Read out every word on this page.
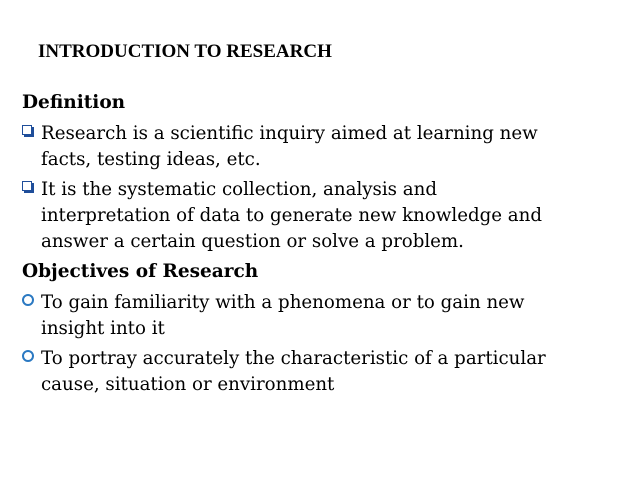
INTRODUCTION TO RESEARCH
Definition
Research is a scientific inquiry aimed at learning new
facts, testing ideas, etc.
It is the systematic collection, analysis and
interpretation of data to generate new knowledge and
answer a certain question or solve a problem.
Objectives of Research
To gain familiarity with a phenomena or to gain new
insight into it
To portray accurately the characteristic of a particular
cause, situation or environment
